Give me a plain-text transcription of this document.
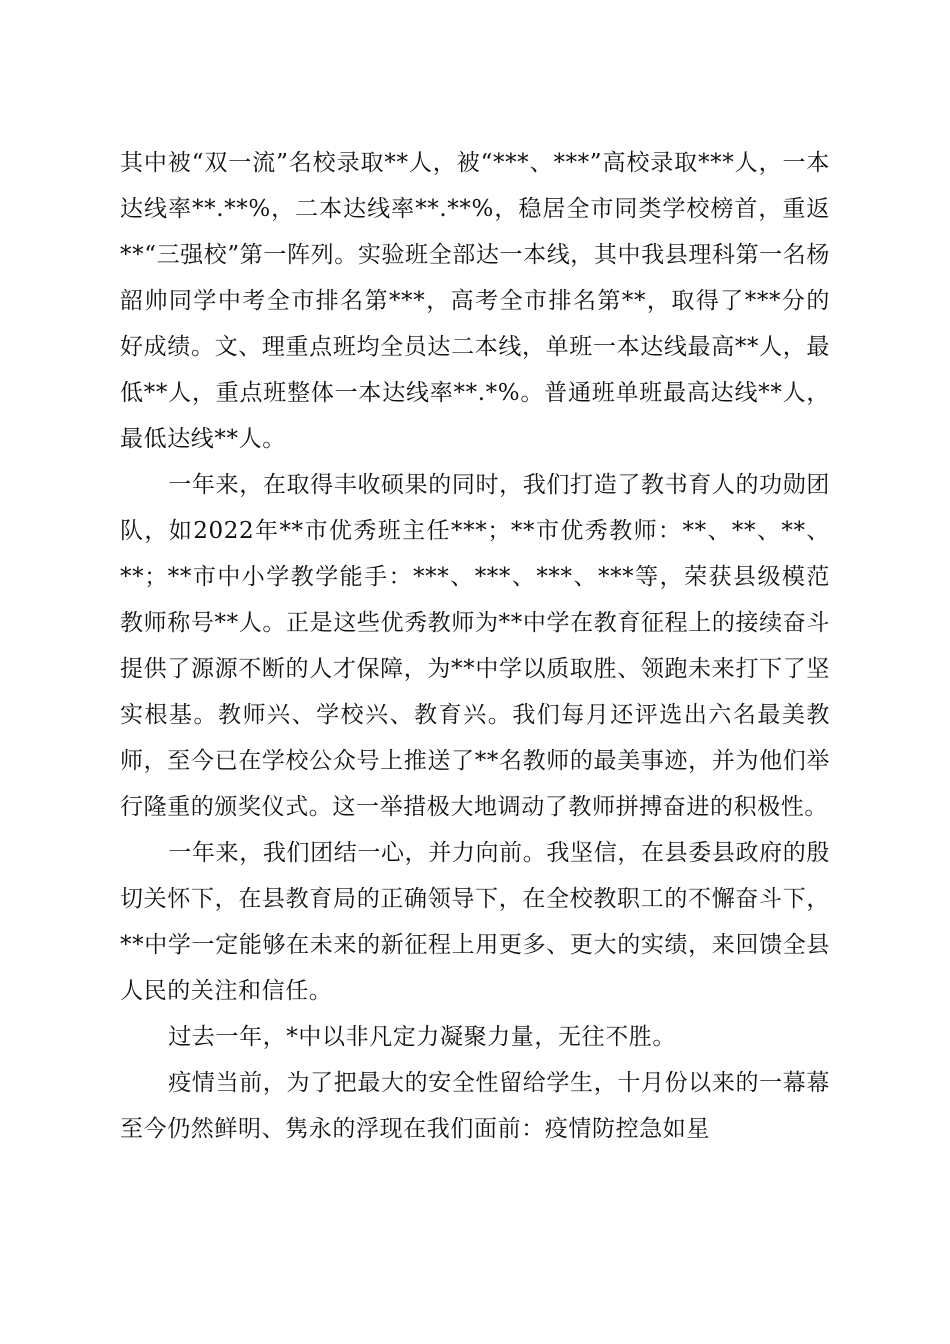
其中被“双一流”名校录取**人，被“***、***”高校录取***人，一本达线率**.**%，二本达线率**.**%，稳居全市同类学校榜首，重返**“三强校”第一阵列。实验班全部达一本线，其中我县理科第一名杨韶帅同学中考全市排名第***，高考全市排名第**，取得了***分的好成绩。文、理重点班均全员达二本线，单班一本达线最高**人，最低**人，重点班整体一本达线率**.*%。普通班单班最高达线**人，最低达线**人。

一年来，在取得丰收硕果的同时，我们打造了教书育人的功勋团队，如2022年**市优秀班主任***；**市优秀教师：**、**、**、**；**市中小学教学能手：***、***、***、***等，荣获县级模范教师称号**人。正是这些优秀教师为**中学在教育征程上的接续奋斗提供了源源不断的人才保障，为**中学以质取胜、领跑未来打下了坚实根基。教师兴、学校兴、教育兴。我们每月还评选出六名最美教师，至今已在学校公众号上推送了**名教师的最美事迹，并为他们举行隆重的颁奖仪式。这一举措极大地调动了教师拼搏奋进的积极性。

一年来，我们团结一心，并力向前。我坚信，在县委县政府的殷切关怀下，在县教育局的正确领导下，在全校教职工的不懈奋斗下，**中学一定能够在未来的新征程上用更多、更大的实绩，来回馈全县人民的关注和信任。

过去一年，*中以非凡定力凝聚力量，无往不胜。

疫情当前，为了把最大的安全性留给学生，十月份以来的一幕幕至今仍然鲜明、隽永的浮现在我们面前：疫情防控急如星
